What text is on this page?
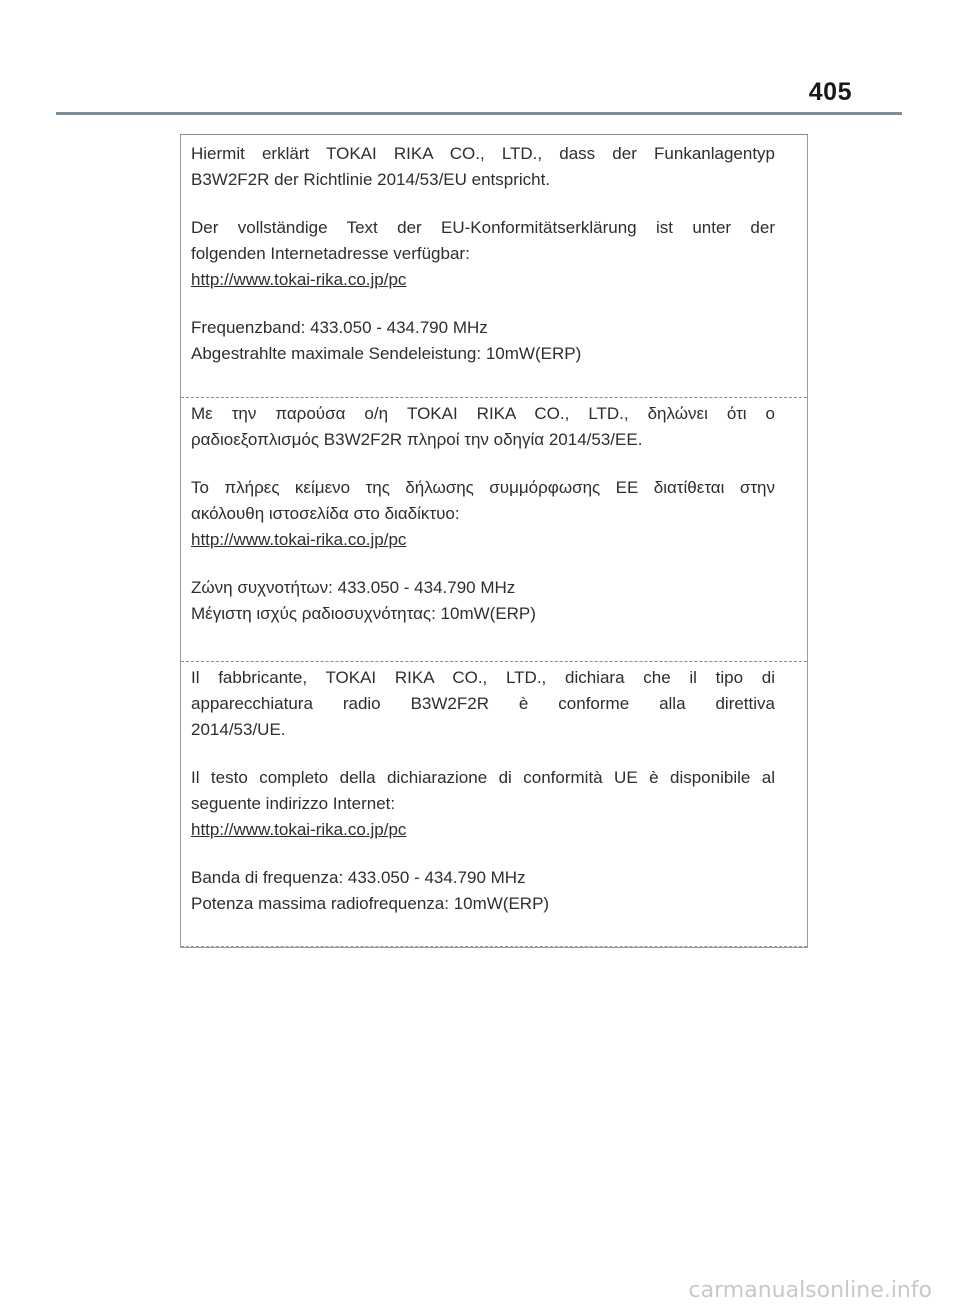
405
Hiermit erklärt TOKAI RIKA CO., LTD., dass der Funkanlagentyp
B3W2F2R der Richtlinie 2014/53/EU entspricht.
Der vollständige Text der EU-Konformitätserklärung ist unter der
folgenden Internetadresse verfügbar:
http://www.tokai-rika.co.jp/pc
Frequenzband: 433.050 - 434.790 MHz
Abgestrahlte maximale Sendeleistung: 10mW(ERP)
Με την παρούσα ο/η TOKAI RIKA CO., LTD., δηλώνει ότι ο
ραδιοεξοπλισμός B3W2F2R πληροί την οδηγία 2014/53/ΕΕ.
Το πλήρες κείμενο της δήλωσης συμμόρφωσης ΕΕ διατίθεται στην
ακόλουθη ιστοσελίδα στο διαδίκτυο:
http://www.tokai-rika.co.jp/pc
Ζώνη συχνοτήτων: 433.050 - 434.790 MHz
Μέγιστη ισχύς ραδιοσυχνότητας: 10mW(ERP)
Il fabbricante, TOKAI RIKA CO., LTD., dichiara che il tipo di
apparecchiatura radio B3W2F2R è conforme alla direttiva
2014/53/UE.
Il testo completo della dichiarazione di conformità UE è disponibile al
seguente indirizzo Internet:
http://www.tokai-rika.co.jp/pc
Banda di frequenza: 433.050 - 434.790 MHz
Potenza massima radiofrequenza: 10mW(ERP)
carmanualsonline.info
